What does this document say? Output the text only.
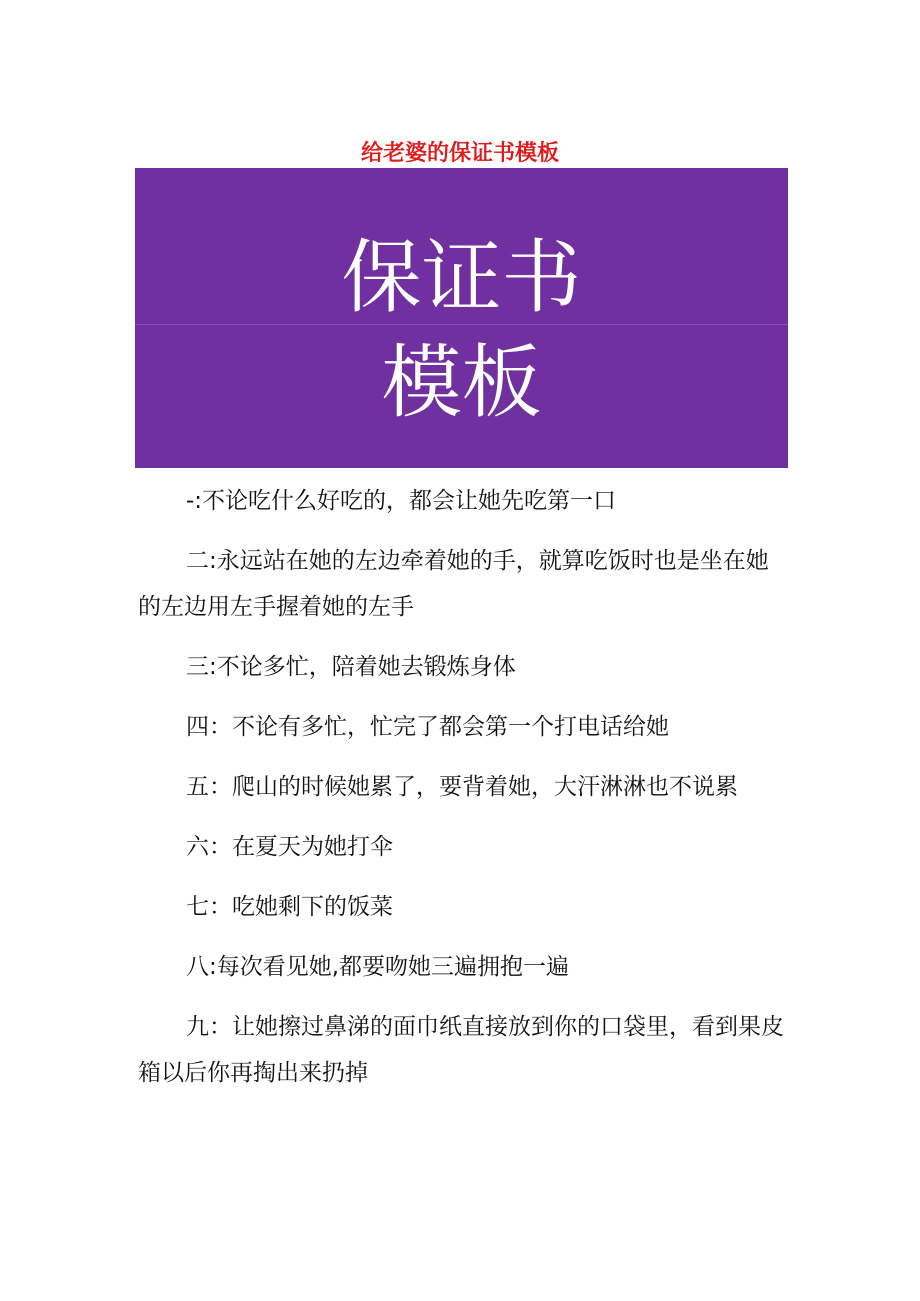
给老婆的保证书模板
保证书
模板

-:不论吃什么好吃的，都会让她先吃第一口

二:永远站在她的左边牵着她的手，就算吃饭时也是坐在她的左边用左手握着她的左手

三:不论多忙，陪着她去锻炼身体

四：不论有多忙，忙完了都会第一个打电话给她

五：爬山的时候她累了，要背着她，大汗淋淋也不说累

六：在夏天为她打伞

七：吃她剩下的饭菜

八:每次看见她,都要吻她三遍拥抱一遍

九：让她擦过鼻涕的面巾纸直接放到你的口袋里，看到果皮箱以后你再掏出来扔掉
